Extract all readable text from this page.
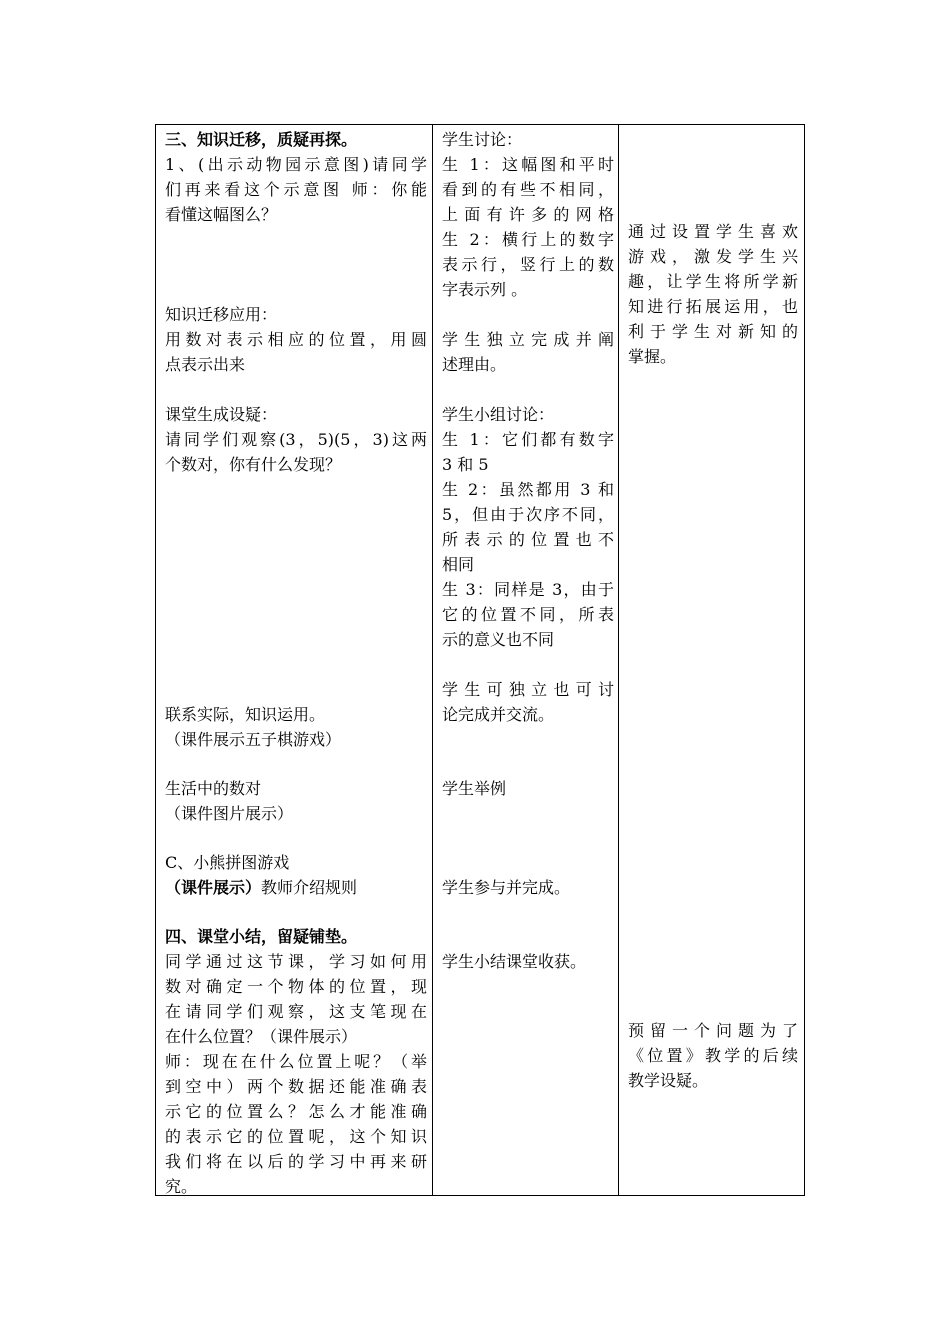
三、知识迁移，质疑再探。
1、(出示动物园示意图)请同学
们再来看这个示意图 师：你能
看懂这幅图么？
知识迁移应用：
用数对表示相应的位置，用圆
点表示出来
课堂生成设疑：
请同学们观察(3，5)(5，3)这两
个数对，你有什么发现？
联系实际，知识运用。
（课件展示五子棋游戏）
生活中的数对
（课件图片展示）
C、小熊拼图游戏
（课件展示）教师介绍规则
四、课堂小结，留疑铺垫。
同学通过这节课，学习如何用
数对确定一个物体的位置，现
在请同学们观察，这支笔现在
在什么位置？（课件展示）
师：现在在什么位置上呢？（举
到空中）两个数据还能准确表
示它的位置么？怎么才能准确
的表示它的位置呢，这个知识
我们将在以后的学习中再来研
究。
学生讨论：
生 1：这幅图和平时
看到的有些不相同，
上面有许多的网格
生 2：横行上的数字
表示行，竖行上的数
字表示列 。
学生独立完成并阐
述理由。
学生小组讨论：
生 1：它们都有数字
3 和 5
生 2：虽然都用 3 和
5，但由于次序不同，
所表示的位置也不
相同
生 3：同样是 3，由于
它的位置不同，所表
示的意义也不同
学生可独立也可讨
论完成并交流。
学生举例
学生参与并完成。
学生小结课堂收获。
通过设置学生喜欢
游戏，激发学生兴
趣，让学生将所学新
知进行拓展运用，也
利于学生对新知的
掌握。
预留一个问题为了
《位置》教学的后续
教学设疑。
